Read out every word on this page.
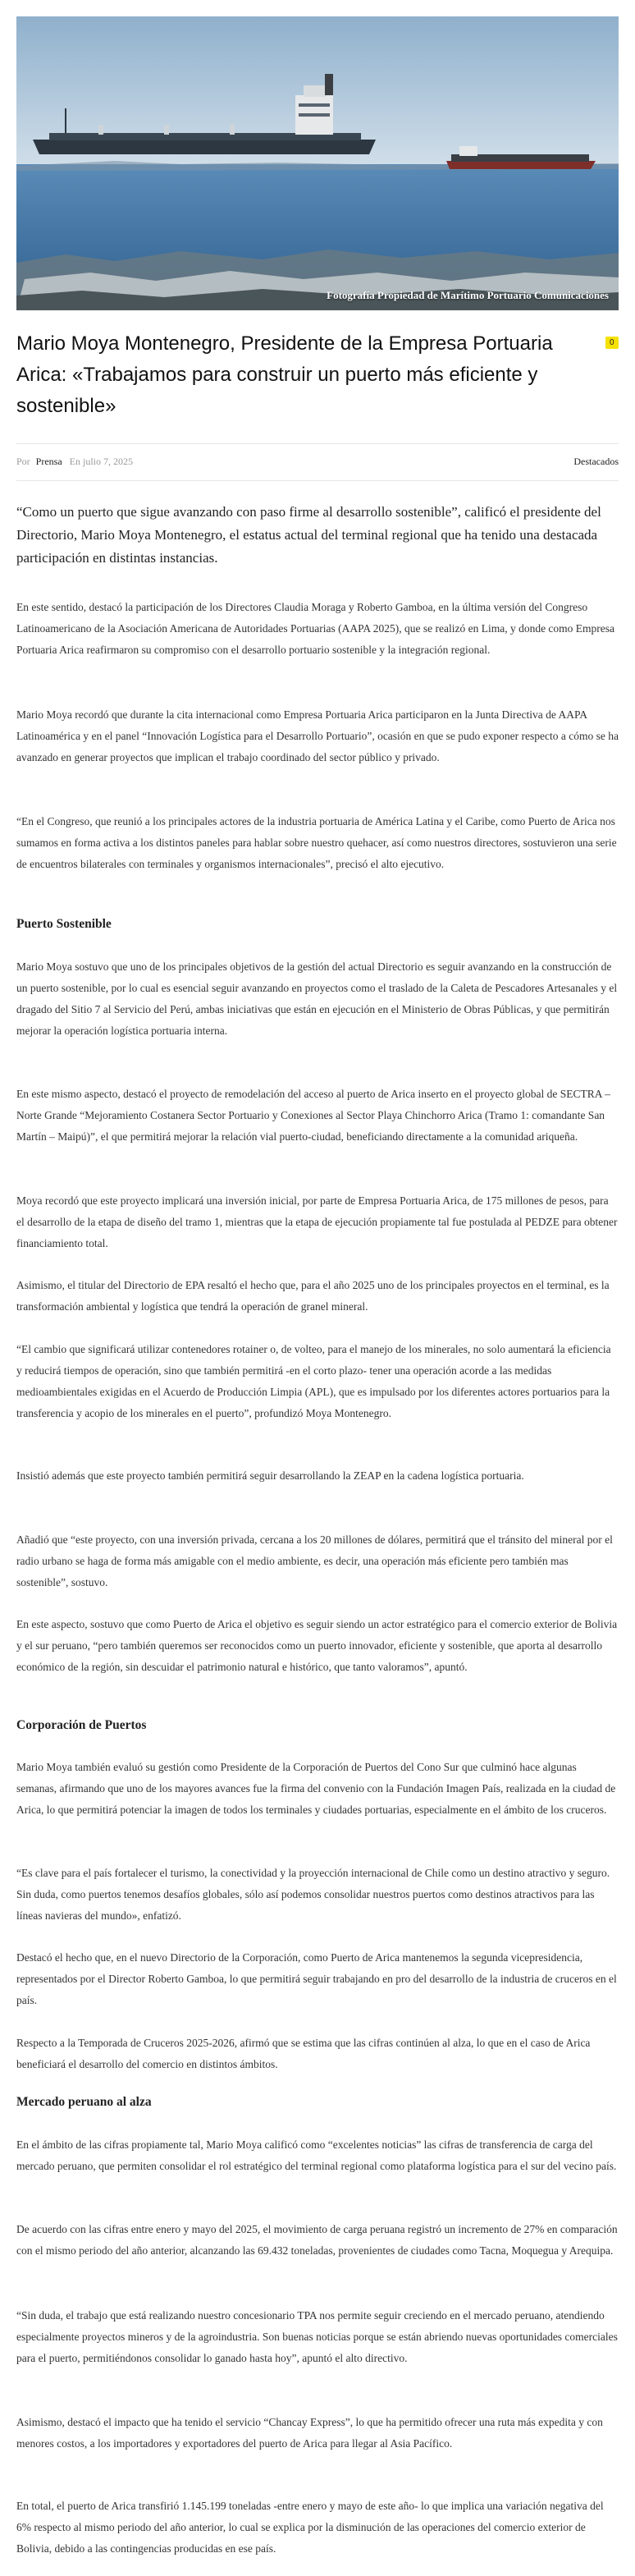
Fotografía Propiedad de Marítimo Portuario Comunicaciones
Mario Moya Montenegro, Presidente de la Empresa Portuaria Arica: «Trabajamos para construir un puerto más eficiente y sostenible»
0
Por Prensa En julio 7, 2025	Destacados

“Como un puerto que sigue avanzando con paso firme al desarrollo sostenible”, calificó el presidente del Directorio, Mario Moya Montenegro, el estatus actual del terminal regional que ha tenido una destacada participación en distintas instancias.

En este sentido, destacó la participación de los Directores Claudia Moraga y Roberto Gamboa, en la última versión del Congreso Latinoamericano de la Asociación Americana de Autoridades Portuarias (AAPA 2025), que se realizó en Lima, y donde como Empresa Portuaria Arica reafirmaron su compromiso con el desarrollo portuario sostenible y la integración regional.

Mario Moya recordó que durante la cita internacional como Empresa Portuaria Arica participaron en la Junta Directiva de AAPA Latinoamérica y en el panel “Innovación Logística para el Desarrollo Portuario”, ocasión en que se pudo exponer respecto a cómo se ha avanzado en generar proyectos que implican el trabajo coordinado del sector público y privado.

“En el Congreso, que reunió a los principales actores de la industria portuaria de América Latina y el Caribe, como Puerto de Arica nos sumamos en forma activa a los distintos paneles para hablar sobre nuestro quehacer, así como nuestros directores, sostuvieron una serie de encuentros bilaterales con terminales y organismos internacionales”, precisó el alto ejecutivo.

Puerto Sostenible

Mario Moya sostuvo que uno de los principales objetivos de la gestión del actual Directorio es seguir avanzando en la construcción de un puerto sostenible, por lo cual es esencial seguir avanzando en proyectos como el traslado de la Caleta de Pescadores Artesanales y el dragado del Sitio 7 al Servicio del Perú, ambas iniciativas que están en ejecución en el Ministerio de Obras Públicas, y que permitirán mejorar la operación logística portuaria interna.

En este mismo aspecto, destacó el proyecto de remodelación del acceso al puerto de Arica inserto en el proyecto global de SECTRA – Norte Grande “Mejoramiento Costanera Sector Portuario y Conexiones al Sector Playa Chinchorro Arica (Tramo 1: comandante San Martín – Maipú)”, el que permitirá mejorar la relación vial puerto-ciudad, beneficiando directamente a la comunidad ariqueña.

Moya recordó que este proyecto implicará una inversión inicial, por parte de Empresa Portuaria Arica, de 175 millones de pesos, para el desarrollo de la etapa de diseño del tramo 1, mientras que la etapa de ejecución propiamente tal fue postulada al PEDZE para obtener financiamiento total.

Asimismo, el titular del Directorio de EPA resaltó el hecho que, para el año 2025 uno de los principales proyectos en el terminal, es la transformación ambiental y logística que tendrá la operación de granel mineral.

“El cambio que significará utilizar contenedores rotainer o, de volteo, para el manejo de los minerales, no solo aumentará la eficiencia y reducirá tiempos de operación, sino que también permitirá -en el corto plazo- tener una operación acorde a las medidas medioambientales exigidas en el Acuerdo de Producción Limpia (APL), que es impulsado por los diferentes actores portuarios para la transferencia y acopio de los minerales en el puerto”, profundizó Moya Montenegro.

Insistió además que este proyecto también permitirá seguir desarrollando la ZEAP en la cadena logística portuaria.

Añadió que “este proyecto, con una inversión privada, cercana a los 20 millones de dólares, permitirá que el tránsito del mineral por el radio urbano se haga de forma más amigable con el medio ambiente, es decir, una operación más eficiente pero también mas sostenible”, sostuvo.

En este aspecto, sostuvo que como Puerto de Arica el objetivo es seguir siendo un actor estratégico para el comercio exterior de Bolivia y el sur peruano, “pero también queremos ser reconocidos como un puerto innovador, eficiente y sostenible, que aporta al desarrollo económico de la región, sin descuidar el patrimonio natural e histórico, que tanto valoramos”, apuntó.

Corporación de Puertos

Mario Moya también evaluó su gestión como Presidente de la Corporación de Puertos del Cono Sur que culminó hace algunas semanas, afirmando que uno de los mayores avances fue la firma del convenio con la Fundación Imagen País, realizada en la ciudad de Arica, lo que permitirá potenciar la imagen de todos los terminales y ciudades portuarias, especialmente en el ámbito de los cruceros.

“Es clave para el país fortalecer el turismo, la conectividad y la proyección internacional de Chile como un destino atractivo y seguro. Sin duda, como puertos tenemos desafíos globales, sólo así podemos consolidar nuestros puertos como destinos atractivos para las líneas navieras del mundo», enfatizó.

Destacó el hecho que, en el nuevo Directorio de la Corporación, como Puerto de Arica mantenemos la segunda vicepresidencia, representados por el Director Roberto Gamboa, lo que permitirá seguir trabajando en pro del desarrollo de la industria de cruceros en el país.

Respecto a la Temporada de Cruceros 2025-2026, afirmó que se estima que las cifras continúen al alza, lo que en el caso de Arica beneficiará el desarrollo del comercio en distintos ámbitos.

Mercado peruano al alza

En el ámbito de las cifras propiamente tal, Mario Moya calificó como “excelentes noticias” las cifras de transferencia de carga del mercado peruano, que permiten consolidar el rol estratégico del terminal regional como plataforma logística para el sur del vecino país.

De acuerdo con las cifras entre enero y mayo del 2025, el movimiento de carga peruana registró un incremento de 27% en comparación con el mismo periodo del año anterior, alcanzando las 69.432 toneladas, provenientes de ciudades como Tacna, Moquegua y Arequipa.

“Sin duda, el trabajo que está realizando nuestro concesionario TPA nos permite seguir creciendo en el mercado peruano, atendiendo especialmente proyectos mineros y de la agroindustria. Son buenas noticias porque se están abriendo nuevas oportunidades comerciales para el puerto, permitiéndonos consolidar lo ganado hasta hoy”, apuntó el alto directivo.

Asimismo, destacó el impacto que ha tenido el servicio “Chancay Express”, lo que ha permitido ofrecer una ruta más expedita y con menores costos, a los importadores y exportadores del puerto de Arica para llegar al Asia Pacífico.

En total, el puerto de Arica transfirió 1.145.199 toneladas -entre enero y mayo de este año- lo que implica una variación negativa del 6% respecto al mismo periodo del año anterior, lo cual se explica por la disminución de las operaciones del comercio exterior de Bolivia, debido a las contingencias producidas en ese país.
